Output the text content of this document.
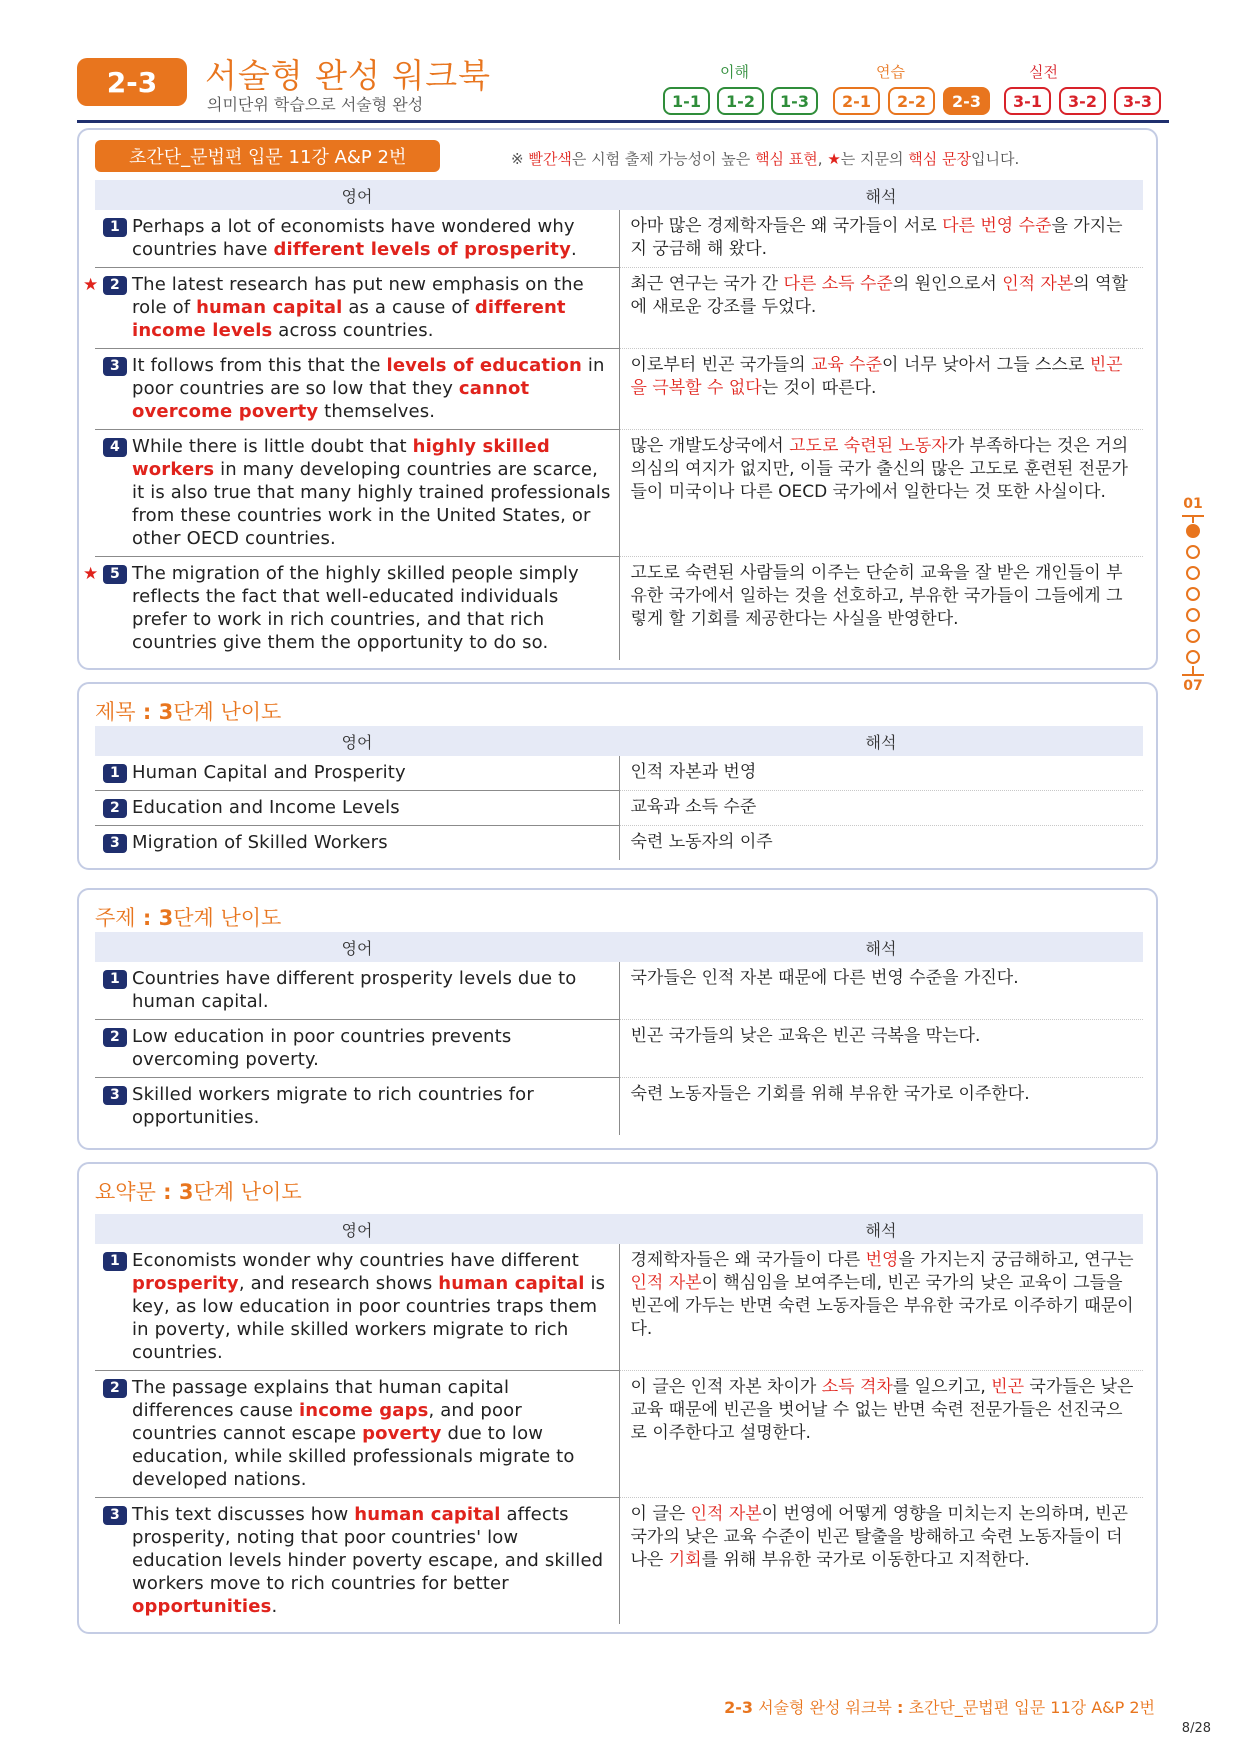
2-3	서술형 완성 워크북
의미단위 학습으로 서술형 완성
이해	연습	실전
1-1	1-2	1-3	2-1	2-2	2-3	3-1	3-2	3-3
01
07
초간단_문법편 입문 11강 A&P 2번	※ 빨간색은 시험 출제 가능성이 높은 핵심 표현, ★는 지문의 핵심 문장입니다.
영어	해석

1 Perhaps a lot of economists have wondered why countries have different levels of prosperity.	아마 많은 경제학자들은 왜 국가들이 서로 다른 번영 수준을 가지는지 궁금해 해 왔다.

2
★ The latest research has put new emphasis on the role of human capital as a cause of different income levels across countries.	최근 연구는 국가 간 다른 소득 수준의 원인으로서 인적 자본의 역할에 새로운 강조를 두었다.

3 It follows from this that the levels of education in poor countries are so low that they cannot overcome poverty themselves.	이로부터 빈곤 국가들의 교육 수준이 너무 낮아서 그들 스스로 빈곤을 극복할 수 없다는 것이 따른다.

4 While there is little doubt that highly skilled workers in many developing countries are scarce, it is also true that many highly trained professionals from these countries work in the United States, or other OECD countries.	많은 개발도상국에서 고도로 숙련된 노동자가 부족하다는 것은 거의 의심의 여지가 없지만, 이들 국가 출신의 많은 고도로 훈련된 전문가들이 미국이나 다른 OECD 국가에서 일한다는 것 또한 사실이다.

5
★ The migration of the highly skilled people simply reflects the fact that well-educated individuals prefer to work in rich countries, and that rich countries give them the opportunity to do so.	고도로 숙련된 사람들의 이주는 단순히 교육을 잘 받은 개인들이 부유한 국가에서 일하는 것을 선호하고, 부유한 국가들이 그들에게 그렇게 할 기회를 제공한다는 사실을 반영한다.
제목 : 3단계 난이도
영어	해석

1 Human Capital and Prosperity	인적 자본과 번영

2 Education and Income Levels	교육과 소득 수준

3 Migration of Skilled Workers	숙련 노동자의 이주
주제 : 3단계 난이도
영어	해석

1 Countries have different prosperity levels due to human capital.	국가들은 인적 자본 때문에 다른 번영 수준을 가진다.

2 Low education in poor countries prevents overcoming poverty.	빈곤 국가들의 낮은 교육은 빈곤 극복을 막는다.

3 Skilled workers migrate to rich countries for opportunities.	숙련 노동자들은 기회를 위해 부유한 국가로 이주한다.
요약문 : 3단계 난이도
영어	해석

1 Economists wonder why countries have different prosperity, and research shows human capital is key, as low education in poor countries traps them in poverty, while skilled workers migrate to rich countries.	경제학자들은 왜 국가들이 다른 번영을 가지는지 궁금해하고, 연구는 인적 자본이 핵심임을 보여주는데, 빈곤 국가의 낮은 교육이 그들을 빈곤에 가두는 반면 숙련 노동자들은 부유한 국가로 이주하기 때문이다.

2 The passage explains that human capital differences cause income gaps, and poor countries cannot escape poverty due to low education, while skilled professionals migrate to developed nations.	이 글은 인적 자본 차이가 소득 격차를 일으키고, 빈곤 국가들은 낮은 교육 때문에 빈곤을 벗어날 수 없는 반면 숙련 전문가들은 선진국으로 이주한다고 설명한다.

3 This text discusses how human capital affects prosperity, noting that poor countries' low education levels hinder poverty escape, and skilled workers move to rich countries for better opportunities.	이 글은 인적 자본이 번영에 어떻게 영향을 미치는지 논의하며, 빈곤 국가의 낮은 교육 수준이 빈곤 탈출을 방해하고 숙련 노동자들이 더 나은 기회를 위해 부유한 국가로 이동한다고 지적한다.
2-3 서술형 완성 워크북 : 초간단_문법편 입문 11강 A&P 2번
8/28
